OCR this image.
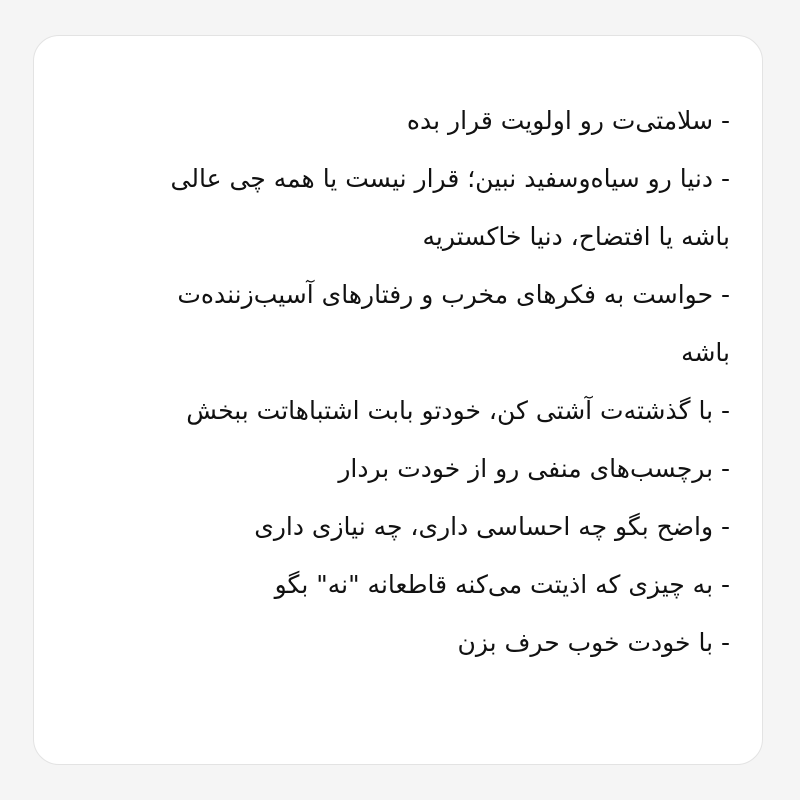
- سلامتی‌ت رو اولویت قرار بده
- دنیا رو سیاه‌وسفید نبین؛ قرار نیست یا همه چی عالی
باشه یا افتضاح، دنیا خاکستریه
- حواست به فکرهای مخرب و رفتارهای آسیب‌زننده‌ت
باشه
- با گذشته‌ت آشتی کن، خودتو بابت اشتباهاتت ببخش
- برچسب‌های منفی رو از خودت بردار
- واضح بگو چه احساسی داری، چه نیازی داری
- به چیزی که اذیتت می‌کنه قاطعانه "نه" بگو
- با خودت خوب حرف بزن
